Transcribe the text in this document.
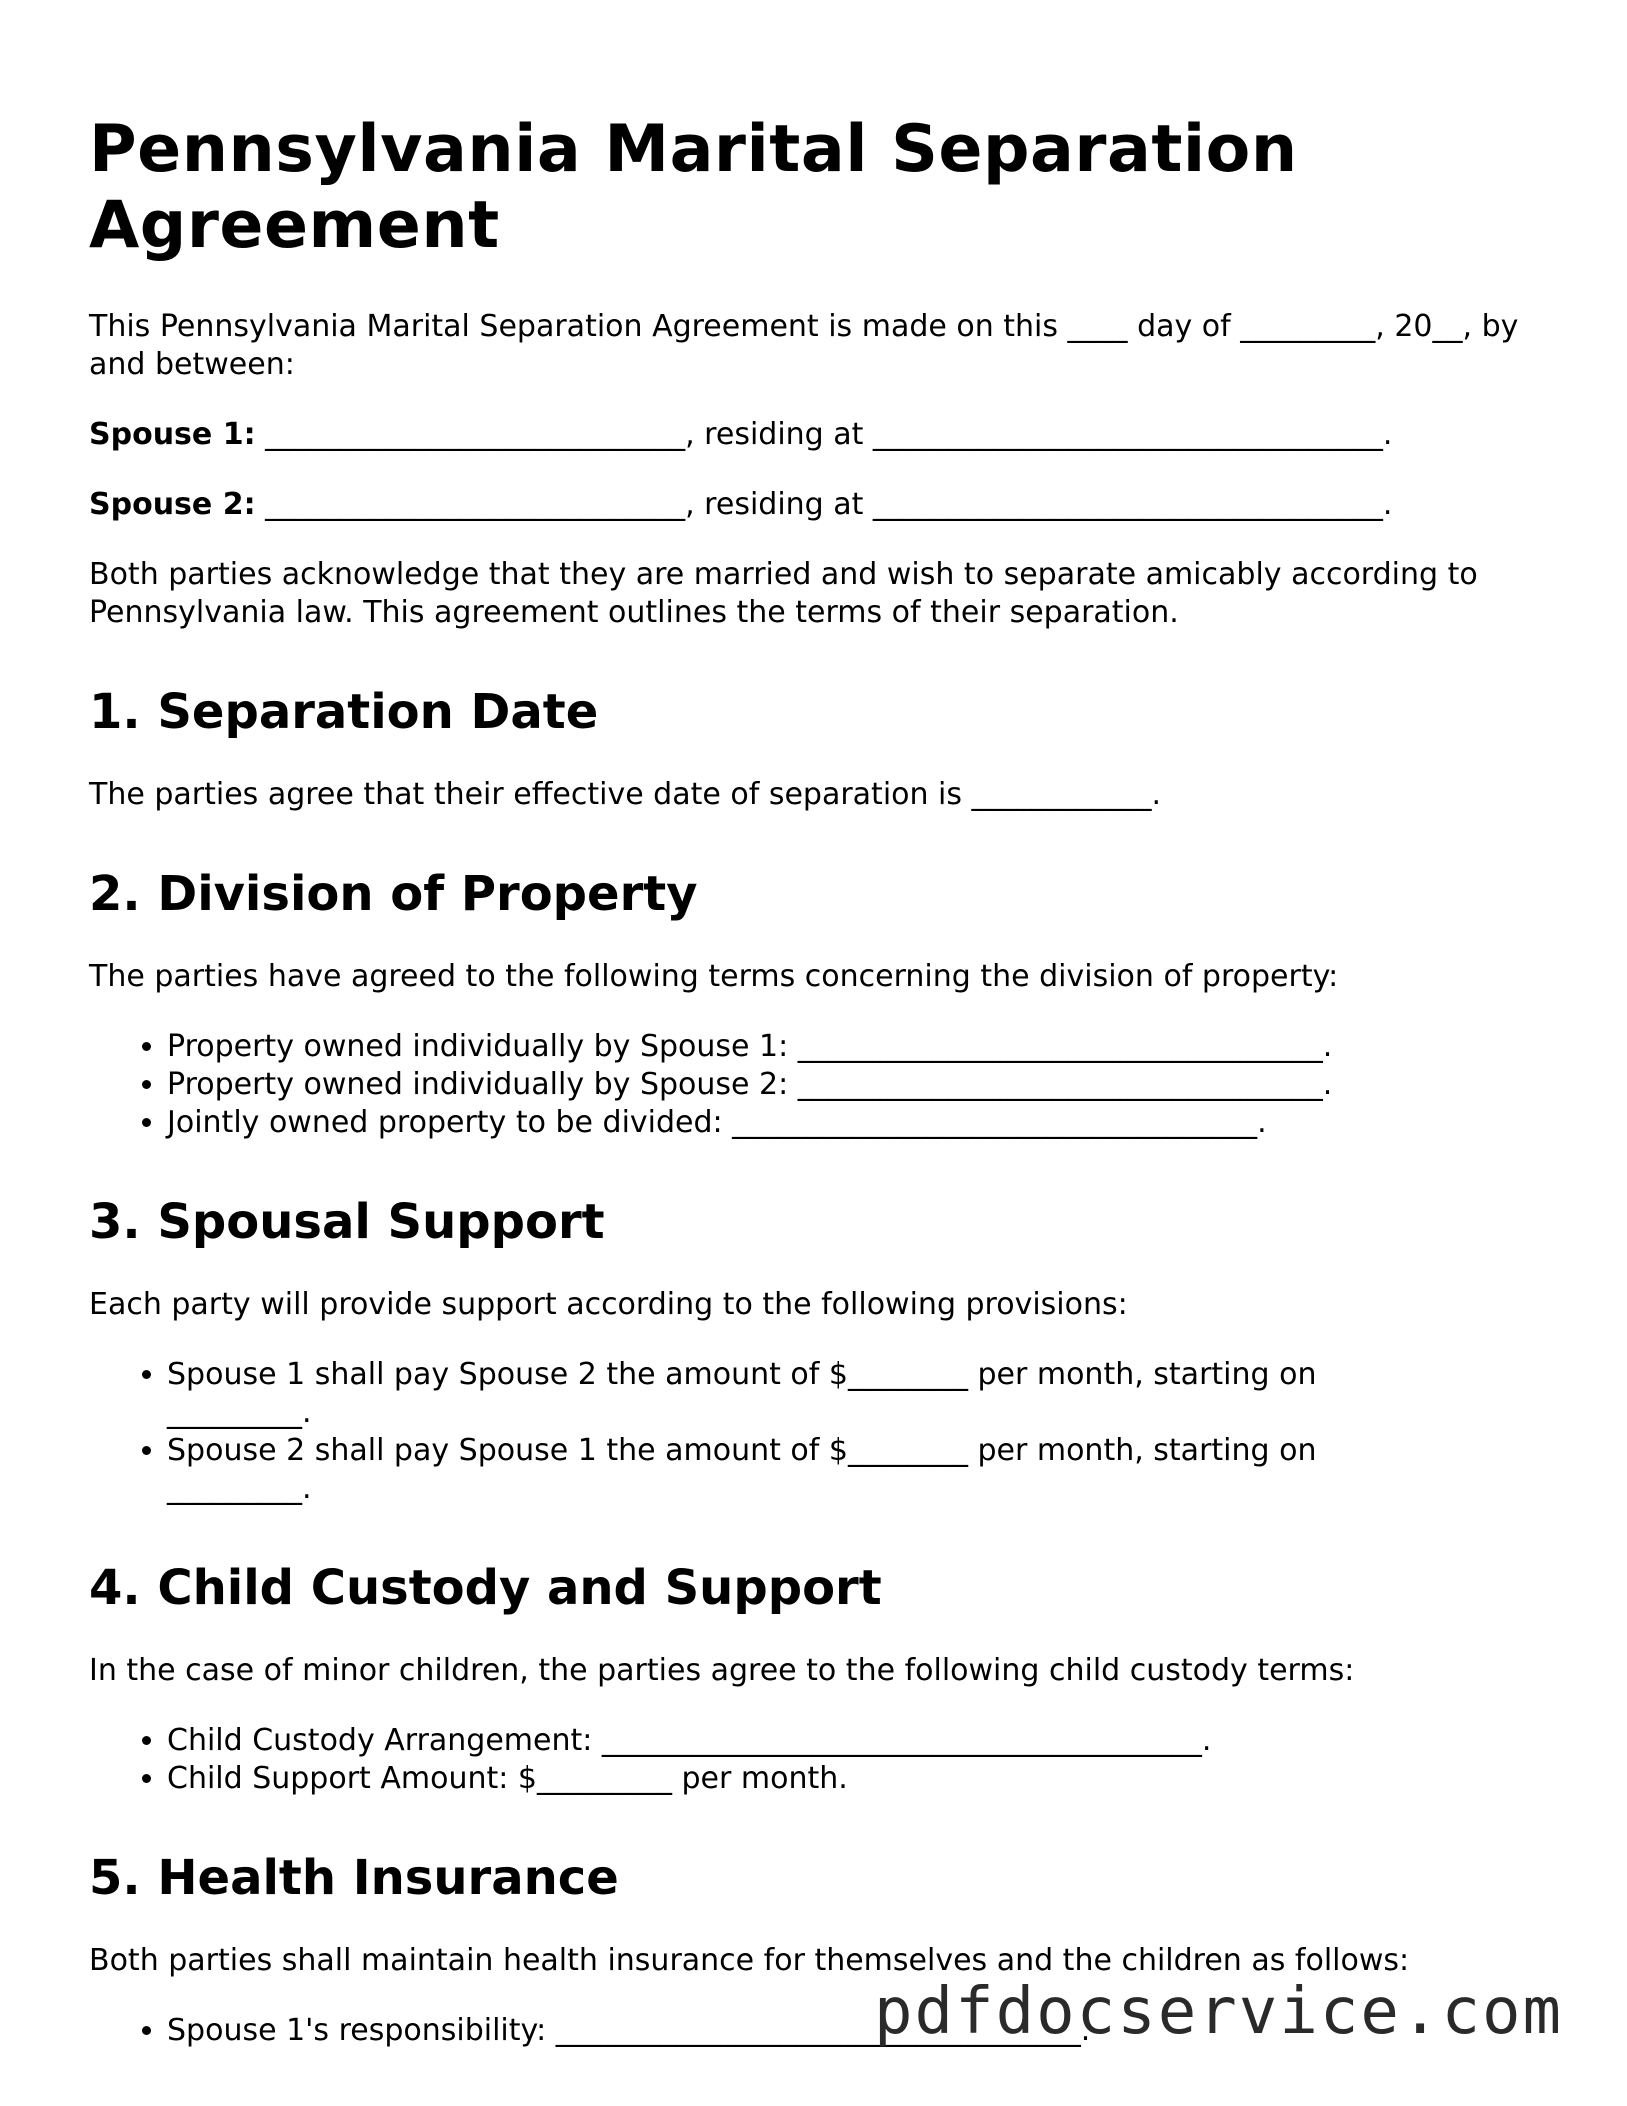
Pennsylvania Marital Separation Agreement

This Pennsylvania Marital Separation Agreement is made on this ____ day of _________, 20__, by and between:

Spouse 1: ____________________________, residing at __________________________________.

Spouse 2: ____________________________, residing at __________________________________.

Both parties acknowledge that they are married and wish to separate amicably according to Pennsylvania law. This agreement outlines the terms of their separation.

1. Separation Date

The parties agree that their effective date of separation is ____________.

2. Division of Property

The parties have agreed to the following terms concerning the division of property:

• Property owned individually by Spouse 1: ___________________________________.
• Property owned individually by Spouse 2: ___________________________________.
• Jointly owned property to be divided: ___________________________________.
3. Spousal Support

Each party will provide support according to the following provisions:

• Spouse 1 shall pay Spouse 2 the amount of $________ per month, starting on _________.
• Spouse 2 shall pay Spouse 1 the amount of $________ per month, starting on _________.
4. Child Custody and Support

In the case of minor children, the parties agree to the following child custody terms:

• Child Custody Arrangement: ________________________________________.
• Child Support Amount: $_________ per month.
5. Health Insurance

Both parties shall maintain health insurance for themselves and the children as follows:

• Spouse 1's responsibility: ___________________________________.
pdfdocservice.com
